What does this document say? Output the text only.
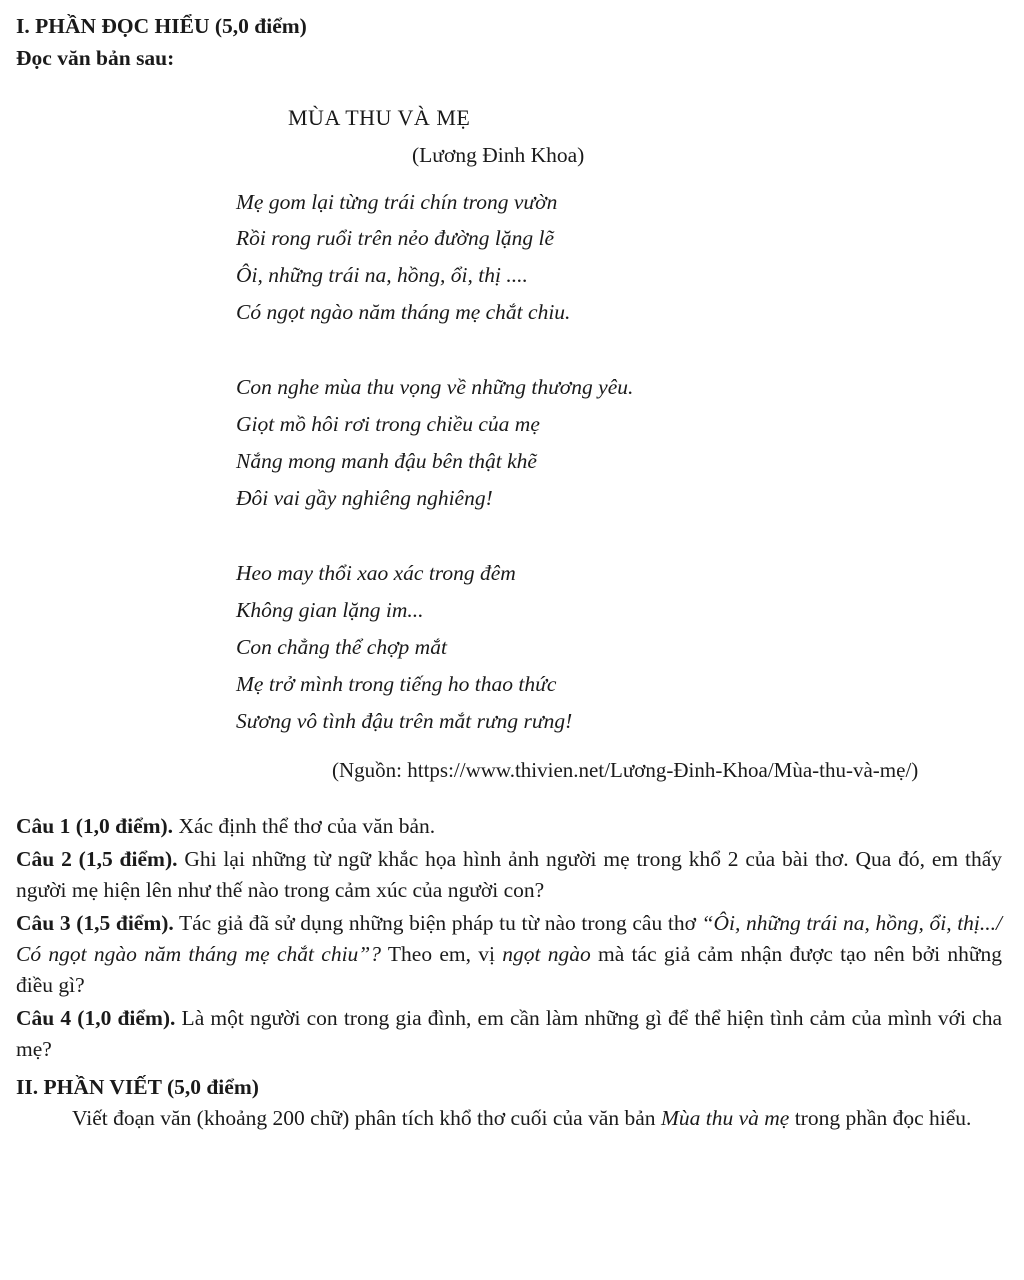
I. PHẦN ĐỌC HIỂU (5,0 điểm)
Đọc văn bản sau:
MÙA THU VÀ MẸ
(Lương Đinh Khoa)
Mẹ gom lại từng trái chín trong vườn
Rồi rong ruổi trên nẻo đường lặng lẽ
Ôi, những trái na, hồng, ổi, thị ....
Có ngọt ngào năm tháng mẹ chắt chiu.
Con nghe mùa thu vọng về những thương yêu.
Giọt mồ hôi rơi trong chiều của mẹ
Nắng mong manh đậu bên thật khẽ
Đôi vai gầy nghiêng nghiêng!
Heo may thổi xao xác trong đêm
Không gian lặng im...
Con chẳng thể chợp mắt
Mẹ trở mình trong tiếng ho thao thức
Sương vô tình đậu trên mắt rưng rưng!
(Nguồn: https://www.thivien.net/Lương-Đinh-Khoa/Mùa-thu-và-mẹ/)
Câu 1 (1,0 điểm). Xác định thể thơ của văn bản.
Câu 2 (1,5 điểm). Ghi lại những từ ngữ khắc họa hình ảnh người mẹ trong khổ 2 của bài thơ. Qua đó, em thấy người mẹ hiện lên như thế nào trong cảm xúc của người con?
Câu 3 (1,5 điểm). Tác giả đã sử dụng những biện pháp tu từ nào trong câu thơ “Ôi, những trái na, hồng, ổi, thị.../ Có ngọt ngào năm tháng mẹ chắt chiu”? Theo em, vị ngọt ngào mà tác giả cảm nhận được tạo nên bởi những điều gì?
Câu 4 (1,0 điểm). Là một người con trong gia đình, em cần làm những gì để thể hiện tình cảm của mình với cha mẹ?
II. PHẦN VIẾT (5,0 điểm)
Viết đoạn văn (khoảng 200 chữ) phân tích khổ thơ cuối của văn bản Mùa thu và mẹ trong phần đọc hiểu.
